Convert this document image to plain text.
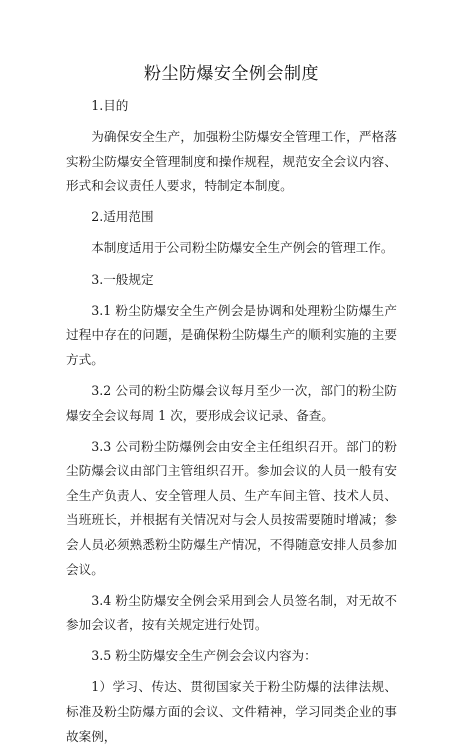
粉尘防爆安全例会制度

1.目的

为确保安全生产，加强粉尘防爆安全管理工作，严格落实粉尘防爆安全管理制度和操作规程，规范安全会议内容、形式和会议责任人要求，特制定本制度。

2.适用范围

本制度适用于公司粉尘防爆安全生产例会的管理工作。

3.一般规定

3.1 粉尘防爆安全生产例会是协调和处理粉尘防爆生产过程中存在的问题，是确保粉尘防爆生产的顺利实施的主要方式。

3.2 公司的粉尘防爆会议每月至少一次，部门的粉尘防爆安全会议每周 1 次，要形成会议记录、备查。

3.3 公司粉尘防爆例会由安全主任组织召开。部门的粉尘防爆会议由部门主管组织召开。参加会议的人员一般有安全生产负责人、安全管理人员、生产车间主管、技术人员、当班班长，并根据有关情况对与会人员按需要随时增减；参会人员必须熟悉粉尘防爆生产情况，不得随意安排人员参加会议。

3.4 粉尘防爆安全例会采用到会人员签名制，对无故不参加会议者，按有关规定进行处罚。

3.5 粉尘防爆安全生产例会会议内容为：

1）学习、传达、贯彻国家关于粉尘防爆的法律法规、标准及粉尘防爆方面的会议、文件精神，学习同类企业的事故案例，
